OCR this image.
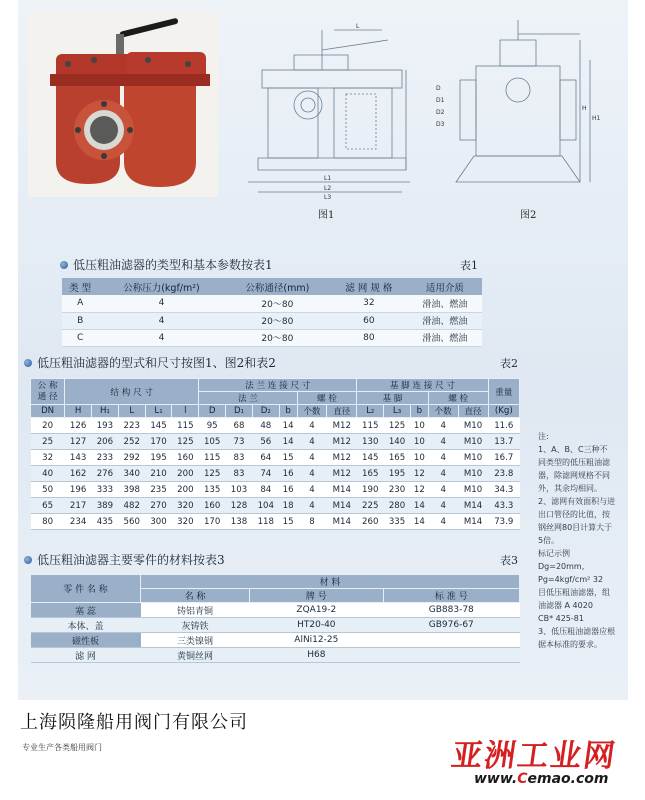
L
L1
L2
L3
图1
H
H1
D
D1
D2
D3
图2
低压粗油滤器的类型和基本参数按表1	表1
类 型	公称压力(kgf/m²)	公称通径(mm)	滤 网 规 格	适用介质
A	4	20～80	32	滑油、燃油
B	4	20～80	60	滑油、燃油
C	4	20～80	80	滑油、燃油
低压粗油滤器的型式和尺寸按图1、图2和表2	表2
公 称
通 径	结 构 尺 寸					法 兰 连 接 尺 寸						基 脚 连 接 尺 寸					重量
						法 兰				螺 栓		基 脚			螺 栓		
DN	H	H₁	L	L₁	l	D	D₁	D₂	b	个数	直径	L₂	L₃	b	个数	直径	(Kg)
20	126	193	223	145	115	95	68	48	14	4	M12	115	125	10	4	M10	11.6
25	127	206	252	170	125	105	73	56	14	4	M12	130	140	10	4	M10	13.7
32	143	233	292	195	160	115	83	64	15	4	M12	145	165	10	4	M10	16.7
40	162	276	340	210	200	125	83	74	16	4	M12	165	195	12	4	M10	23.8
50	196	333	398	235	200	135	103	84	16	4	M14	190	230	12	4	M10	34.3
65	217	389	482	270	320	160	128	104	18	4	M14	225	280	14	4	M14	43.3
80	234	435	560	300	320	170	138	118	15	8	M14	260	335	14	4	M14	73.9
注:
1、A、B、C三种不
同类型的低压粗油滤
器，除滤网规格不同
外，其余均相同。
2、滤网有效面积与进
出口管径的比值，按
钢丝网80目计算大于
5倍。
标记示例
Dg=20mm,
Pg=4kgf/cm² 32
目低压粗油滤器，组
油滤器 A 4020
CB* 425-81
3、低压粗油滤器应根
据本标准的要求。
低压粗油滤器主要零件的材料按表3	表3
零 件 名 称	材 料		
	名 称	牌 号	标 准 号
塞 蕊	铸铝青铜	ZQA19-2	GB883-78
本体、盖	灰铸铁	HT20-40	GB976-67
磁性板	三类镍钢	AlNi12-25	
滤 网	黄铜丝网	H68	
上海陨隆船用阀门有限公司
专业生产各类船用阀门	亚洲工业网
www.Cemao.com
